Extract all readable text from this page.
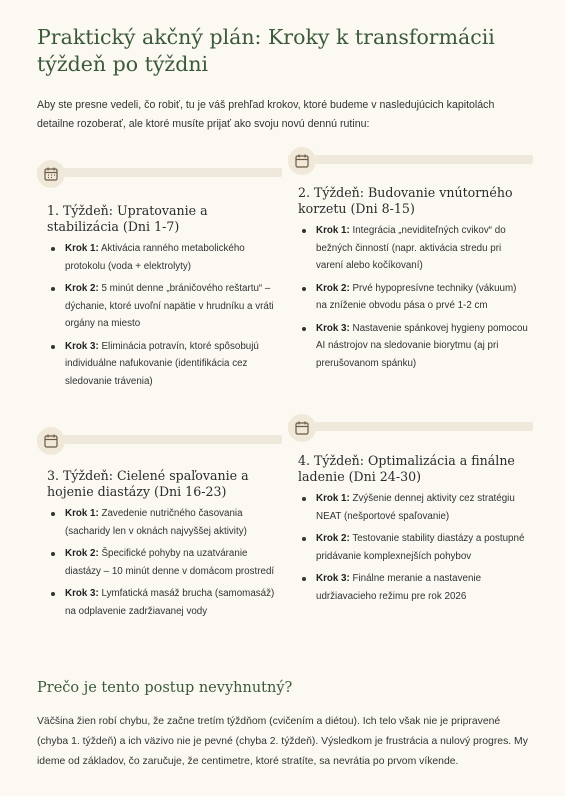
Praktický akčný plán: Kroky k transformácii týždeň po týždni

Aby ste presne vedeli, čo robiť, tu je váš prehľad krokov, ktoré budeme v nasledujúcich kapitolách detailne rozoberať, ale ktoré musíte prijať ako svoju novú dennú rutinu:

1. Týždeň: Upratovanie a stabilizácia (Dni 1-7)
Krok 1: Aktivácia ranného metabolického protokolu (voda + elektrolyty)
Krok 2: 5 minút denne „bráničového reštartu“ – dýchanie, ktoré uvoľní napätie v hrudníku a vráti orgány na miesto
Krok 3: Eliminácia potravín, ktoré spôsobujú individuálne nafukovanie (identifikácia cez sledovanie trávenia)
2. Týždeň: Budovanie vnútorného korzetu (Dni 8-15)
Krok 1: Integrácia „neviditeľných cvikov“ do bežných činností (napr. aktivácia stredu pri varení alebo kočíkovaní)
Krok 2: Prvé hypopresívne techniky (vákuum) na zníženie obvodu pása o prvé 1-2 cm
Krok 3: Nastavenie spánkovej hygieny pomocou AI nástrojov na sledovanie biorytmu (aj pri prerušovanom spánku)
3. Týždeň: Cielené spaľovanie a hojenie diastázy (Dni 16-23)
Krok 1: Zavedenie nutričného časovania (sacharidy len v oknách najvyššej aktivity)
Krok 2: Špecifické pohyby na uzatváranie diastázy – 10 minút denne v domácom prostredí
Krok 3: Lymfatická masáž brucha (samomasáž) na odplavenie zadržiavanej vody
4. Týždeň: Optimalizácia a finálne ladenie (Dni 24-30)
Krok 1: Zvýšenie dennej aktivity cez stratégiu NEAT (nešportové spaľovanie)
Krok 2: Testovanie stability diastázy a postupné pridávanie komplexnejších pohybov
Krok 3: Finálne meranie a nastavenie udržiavacieho režimu pre rok 2026
Prečo je tento postup nevyhnutný?

Väčšina žien robí chybu, že začne tretím týždňom (cvičením a diétou). Ich telo však nie je pripravené (chyba 1. týždeň) a ich väzivo nie je pevné (chyba 2. týždeň). Výsledkom je frustrácia a nulový progres. My ideme od základov, čo zaručuje, že centimetre, ktoré stratíte, sa nevrátia po prvom víkende.
